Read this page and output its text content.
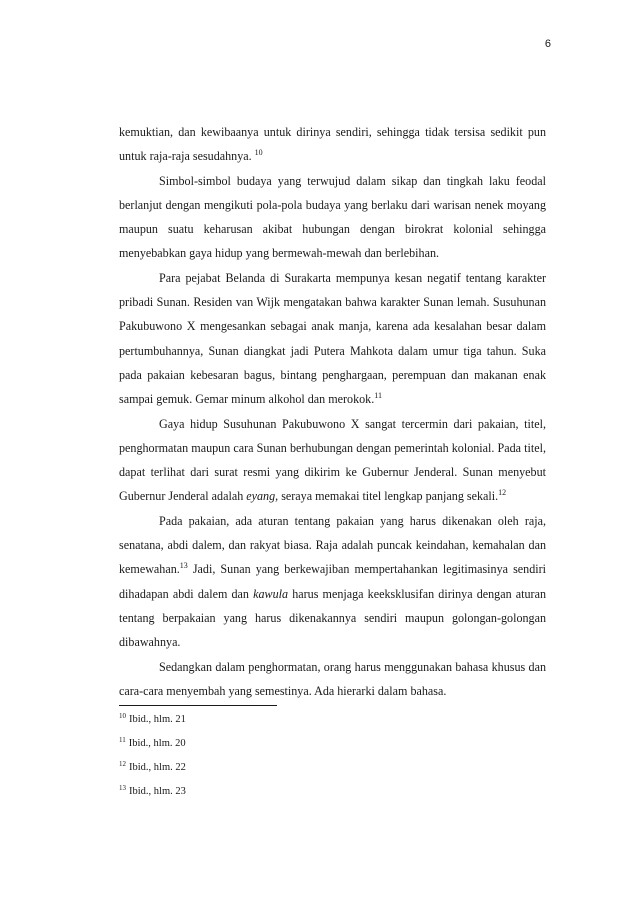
6

kemuktian, dan kewibaanya untuk dirinya sendiri, sehingga tidak tersisa sedikit pun untuk raja-raja sesudahnya. $^{10}$

Simbol-simbol budaya yang terwujud dalam sikap dan tingkah laku feodal berlanjut dengan mengikuti pola-pola budaya yang berlaku dari warisan nenek moyang maupun suatu keharusan akibat hubungan dengan birokrat kolonial sehingga menyebabkan gaya hidup yang bermewah-mewah dan berlebihan.

Para pejabat Belanda di Surakarta mempunya kesan negatif tentang karakter pribadi Sunan. Residen van Wijk mengatakan bahwa karakter Sunan lemah. Susuhunan Pakubuwono X mengesankan sebagai anak manja, karena ada kesalahan besar dalam pertumbuhannya, Sunan diangkat jadi Putera Mahkota dalam umur tiga tahun. Suka pada pakaian kebesaran bagus, bintang penghargaan, perempuan dan makanan enak sampai gemuk. Gemar minum alkohol dan merokok.$^{11}$

Gaya hidup Susuhunan Pakubuwono X sangat tercermin dari pakaian, titel, penghormatan maupun cara Sunan berhubungan dengan pemerintah kolonial. Pada titel, dapat terlihat dari surat resmi yang dikirim ke Gubernur Jenderal. Sunan menyebut Gubernur Jenderal adalah eyang, seraya memakai titel lengkap panjang sekali.$^{12}$

Pada pakaian, ada aturan tentang pakaian yang harus dikenakan oleh raja, senatana, abdi dalem, dan rakyat biasa. Raja adalah puncak keindahan, kemahalan dan kemewahan.$^{13}$ Jadi, Sunan yang berkewajiban mempertahankan legitimasinya sendiri dihadapan abdi dalem dan kawula harus menjaga keeksklusifan dirinya dengan aturan tentang berpakaian yang harus dikenakannya sendiri maupun golongan-golongan dibawahnya.

Sedangkan dalam penghormatan, orang harus menggunakan bahasa khusus dan cara-cara menyembah yang semestinya. Ada hierarki dalam bahasa.

$^{10}$ Ibid., hlm. 21
$^{11}$ Ibid., hlm. 20
$^{12}$ Ibid., hlm. 22
$^{13}$ Ibid., hlm. 23
